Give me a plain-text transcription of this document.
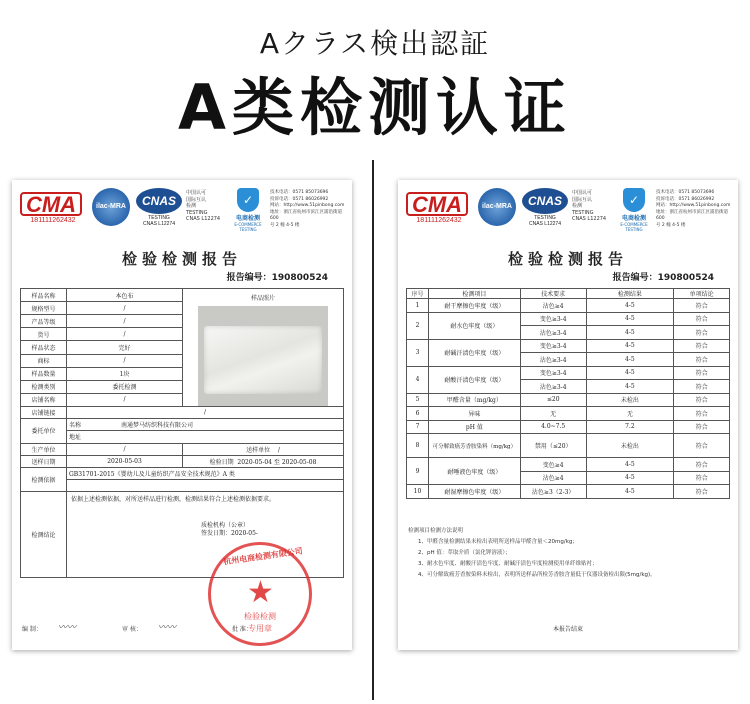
Aクラス検出認証
A类检测认证
CMA
181111262432
ilac-MRA	CNAS
TESTING
CNAS L12274
中国认可
国际互认
检测
TESTING
CNAS L12274
✓
电商检测
E-COMMERCE TESTING
技术电话：0571 85073696
投诉电话：0571 86026992
网站：http://www.51pinbong.com
地址：浙江省杭州市滨江区浦沿街道 600
号 2 幢 4-5 楼
检验检测报告
报告编号：190800524
样品名称	本色布	样品照片

规格型号	/	
产品等级	/	
货号	/	
样品状态	完好	
商标	/	
样品数量	1块	
检测类别	委托检测	
店铺名称	/	
店铺链接	/	
委托单位	名称 南通梦马纺织科技有限公司	
	地址	
生产单位	/	送样单位 /
送样日期	2020-05-03	检验日期 2020-05-04 至 2020-05-08
检测依据	GB31701-2015《婴幼儿及儿童纺织产品安全技术规范》A 类	

检测结论	依据上述检测依据，对所送样品进行检测，检测结果符合上述检测依据要求。
质检机构（公章）
签发日期：2020-05-	
杭州电商检测有限公司
★
检验检测
专用章
编 制： 〰〰	审 核： 〰〰	批 准：
CMA
181111262432
ilac-MRA	CNAS
TESTING
CNAS L12274
中国认可
国际互认
检测
TESTING
CNAS L12274
✓
电商检测
E-COMMERCE TESTING
技术电话：0571 85073696
投诉电话：0571 86026992
网站：http://www.51pinbong.com
地址：浙江省杭州市滨江区浦沿街道 600
号 2 幢 4-5 楼
检验检测报告
报告编号：190800524
序号	检测项目	技术要求	检测结果	单项结论
1	耐干摩擦色牢度（级）	沾色≥4	4-5	符合
2	耐水色牢度（级）	变色≥3-4	4-5	符合
		沾色≥3-4	4-5	符合
3	耐碱汗渍色牢度（级）	变色≥3-4	4-5	符合
		沾色≥3-4	4-5	符合
4	耐酸汗渍色牢度（级）	变色≥3-4	4-5	符合
		沾色≥3-4	4-5	符合
5	甲醛含量（mg/kg）	≤20	未检出	符合
6	异味	无	无	符合
7	pH 值	4.0~7.5	7.2	符合
8	可分解致癌芳香胺染料（mg/kg）	禁用（≤20）	未检出	符合
9	耐唾液色牢度（级）	变色≥4	4-5	符合
		沾色≥4	4-5	符合
10	耐湿摩擦色牢度（级）	沾色≥3（2-3）	4-5	符合
检测项目检测方法说明
1、甲醛含量检测结果未检出表明所送样品甲醛含量＜20mg/kg；
2、pH 值：萃取介质（氯化钾溶液）；
3、耐水色牢度、耐酸汗渍色牢度、耐碱汗渍色牢度检测使用单纤维贴衬；
4、可分解致癌芳香胺染料未检出，表明所送样品所检芳香胺含量低于仪器设备检出限(5mg/kg)。
本报告结束
